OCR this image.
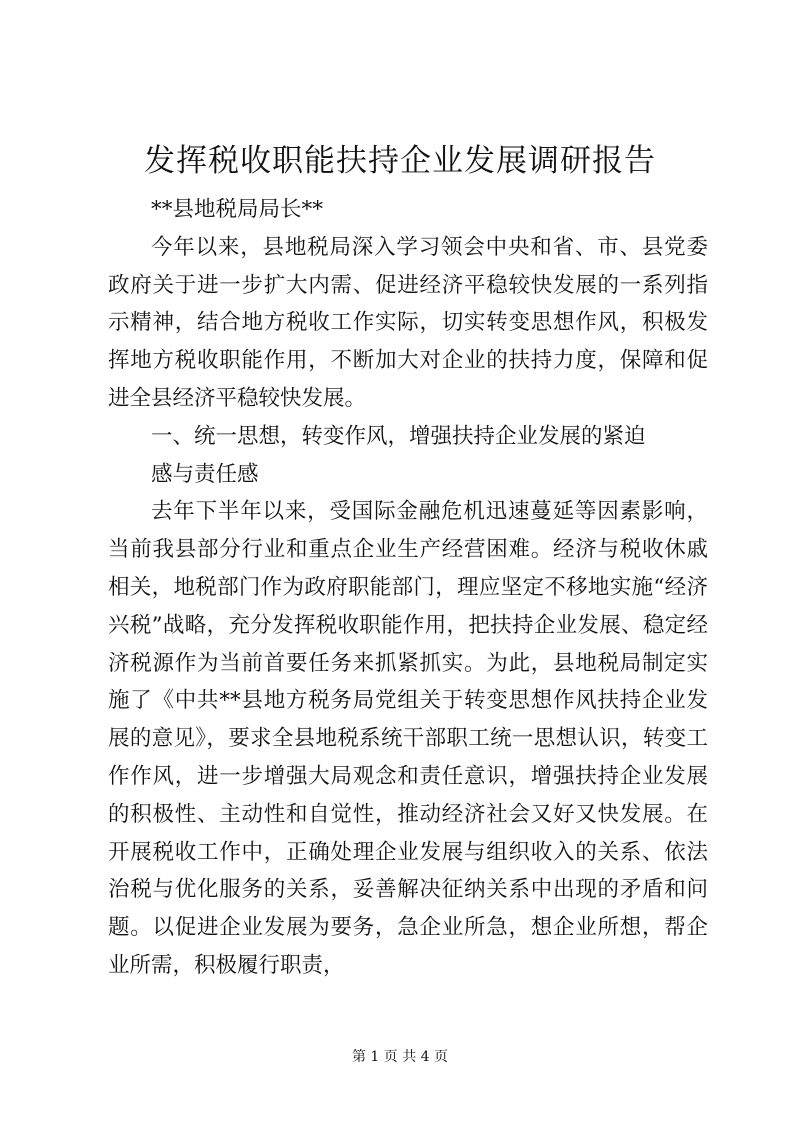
发挥税收职能扶持企业发展调研报告

**县地税局局长**

今年以来，县地税局深入学习领会中央和省、市、县党委政府关于进一步扩大内需、促进经济平稳较快发展的一系列指示精神，结合地方税收工作实际，切实转变思想作风，积极发挥地方税收职能作用，不断加大对企业的扶持力度，保障和促进全县经济平稳较快发展。

一、统一思想，转变作风，增强扶持企业发展的紧迫

感与责任感

去年下半年以来，受国际金融危机迅速蔓延等因素影响，当前我县部分行业和重点企业生产经营困难。经济与税收休戚相关，地税部门作为政府职能部门，理应坚定不移地实施“经济兴税”战略，充分发挥税收职能作用，把扶持企业发展、稳定经济税源作为当前首要任务来抓紧抓实。为此，县地税局制定实施了《中共**县地方税务局党组关于转变思想作风扶持企业发展的意见》，要求全县地税系统干部职工统一思想认识，转变工作作风，进一步增强大局观念和责任意识，增强扶持企业发展的积极性、主动性和自觉性，推动经济社会又好又快发展。在开展税收工作中，正确处理企业发展与组织收入的关系、依法治税与优化服务的关系，妥善解决征纳关系中出现的矛盾和问题。以促进企业发展为要务，急企业所急，想企业所想，帮企业所需，积极履行职责，

第 1 页 共 4 页
